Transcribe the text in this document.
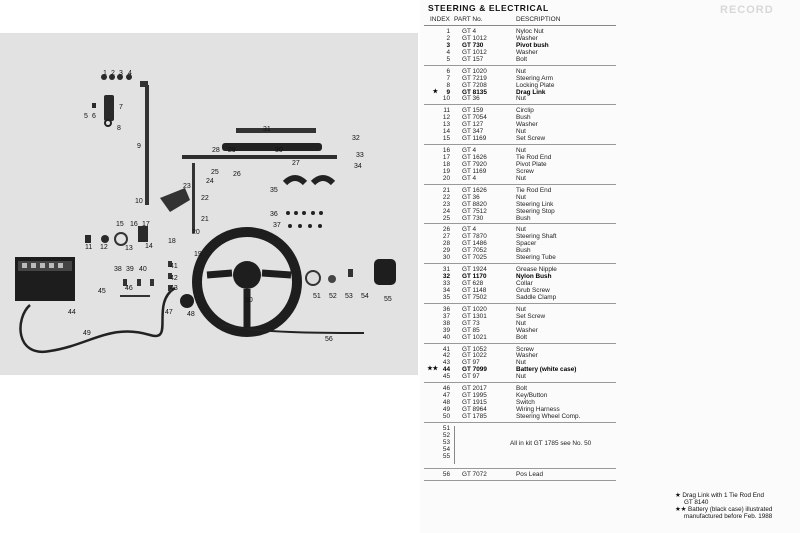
1 2 3 4
5 6
7
8
9
10
11 12 13 14
15 16 17
18
19
20
21
22
23
24
25 26
27
28 29	30
31
32
33
34
35
36
37
38 39 40	41
42
43
44
45	46
47 48
49
50
51 52 53 54 55
56
RECORD
STEERING & ELECTRICAL
INDEX PART No.	DESCRIPTION
1 GT 4	Nyloc Nut
2 GT 1012	Washer
3 GT 730	Pivot bush
4 GT 1012	Washer
5 GT 157	Bolt
6 GT 1020	Nut
7 GT 7219	Steering Arm
8 GT 7208	Locking Plate
★	9 GT 8135	Drag Link
10 GT 36	Nut
11 GT 159	Circlip
12 GT 7054	Bush
13 GT 127	Washer
14 GT 347	Nut
15 GT 1169	Set Screw
16 GT 4	Nut
17 GT 1626	Tie Rod End
18 GT 7920	Pivot Plate
19 GT 1169	Screw
20 GT 4	Nut
21 GT 1626	Tie Rod End
22 GT 36	Nut
23 GT 8820	Steering Link
24 GT 7512	Steering Stop
25 GT 730	Bush
26 GT 4	Nut
27 GT 7870	Steering Shaft
28 GT 1486	Spacer
29 GT 7052	Bush
30 GT 7025	Steering Tube
31 GT 1924	Grease Nipple
32 GT 1170	Nylon Bush
33 GT 628	Collar
34 GT 1148	Grub Screw
35 GT 7502	Saddle Clamp
36 GT 1020	Nut
37 GT 1301	Set Screw
38 GT 73	Nut
39 GT 85	Washer
40 GT 1021	Bolt
41 GT 1052	Screw
42 GT 1022	Washer
43 GT 97	Nut
★★ 44 GT 7099	Battery (white case)
45 GT 97	Nut
46 GT 2017	Bolt
47 GT 1995	Key/Button
48 GT 1915	Switch
49 GT 8964	Wiring Harness
50 GT 1785	Steering Wheel Comp.
51
52
53
54
55
All in kit GT 1785 see No. 50
56 GT 7072	Pos Lead
★ Drag Link with 1 Tie Rod End
GT 8140
★★ Battery (black case) illustrated
manufactured before Feb. 1988
